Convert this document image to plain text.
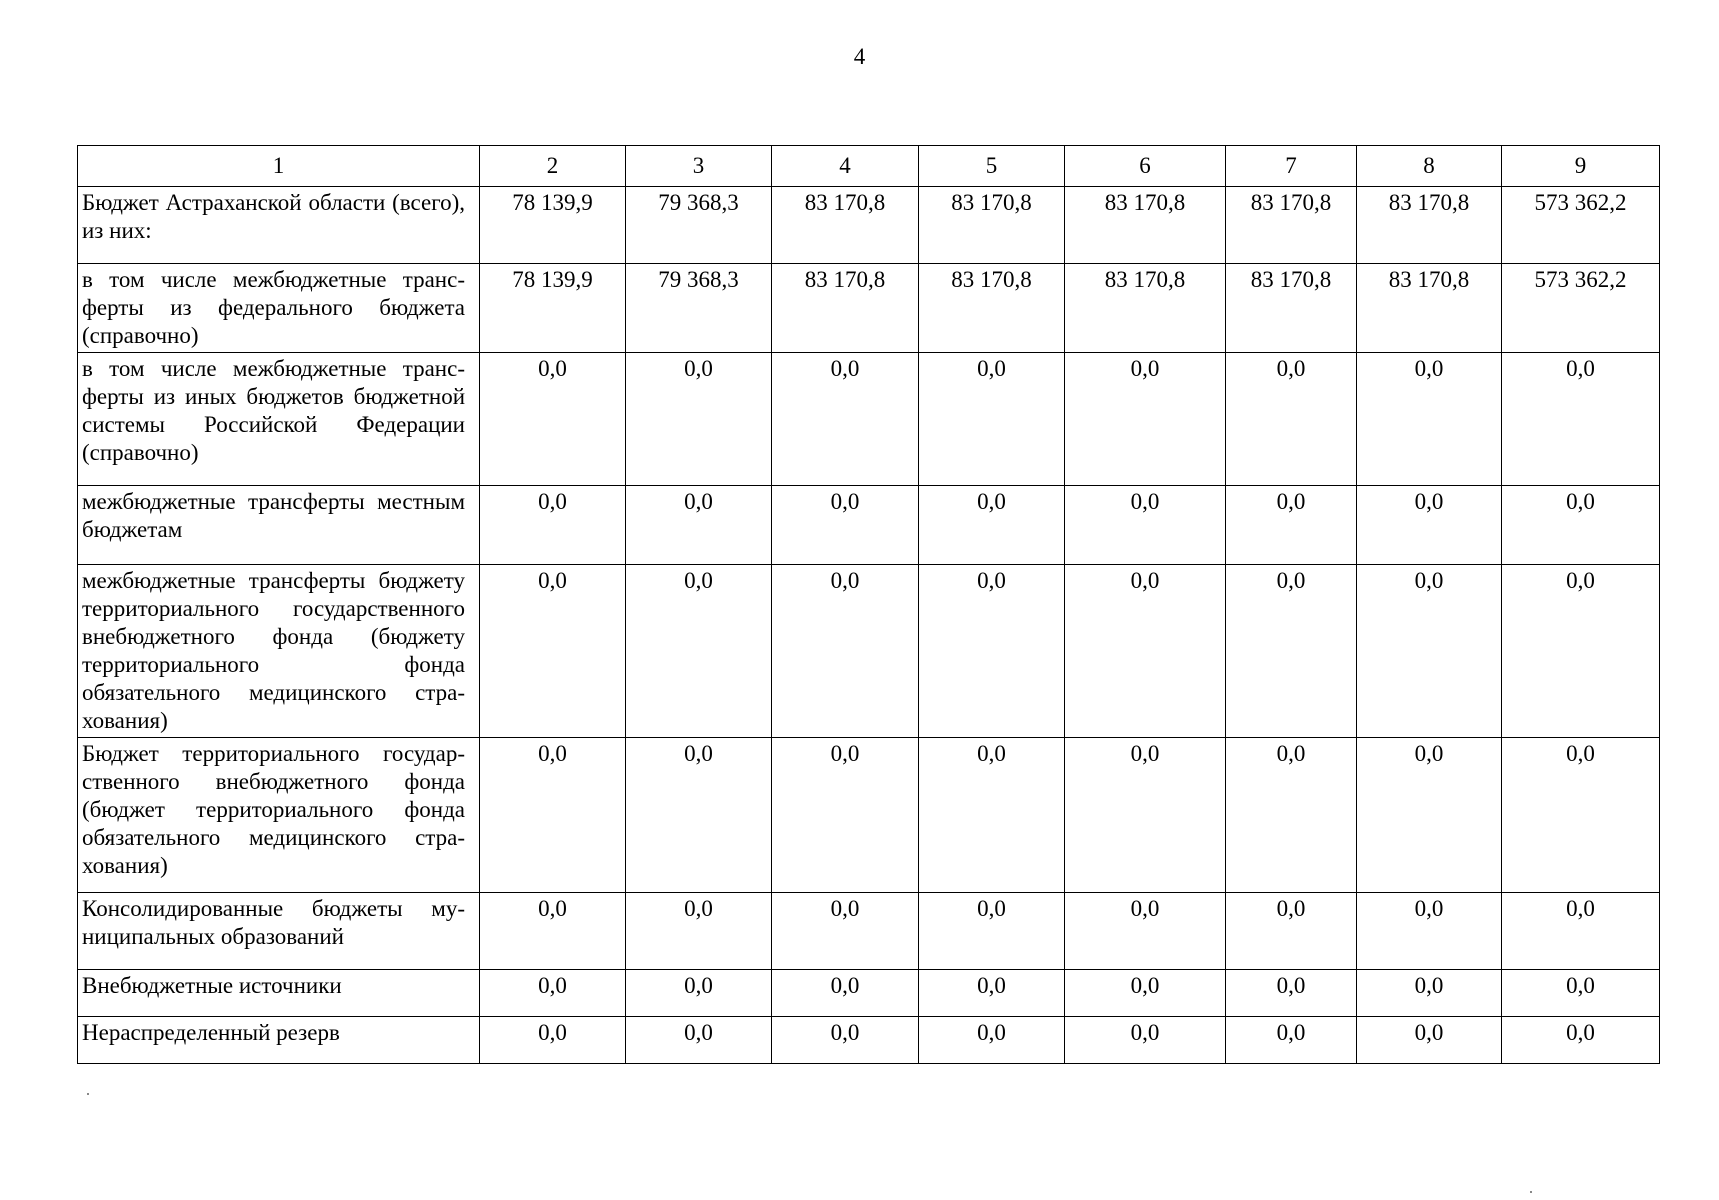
4
1	2	3	4	5	6	7	8	9
Бюджет Астраханской области (всего), из них:	78 139,9	79 368,3	83 170,8	83 170,8	83 170,8	83 170,8	83 170,8	573 362,2
в том числе межбюджетные трансферты из федерального бюджета (справочно)	78 139,9	79 368,3	83 170,8	83 170,8	83 170,8	83 170,8	83 170,8	573 362,2
в том числе межбюджетные трансферты из иных бюджетов бюджетной системы Российской Федерации (справочно)	0,0	0,0	0,0	0,0	0,0	0,0	0,0	0,0
межбюджетные трансферты местным бюджетам	0,0	0,0	0,0	0,0	0,0	0,0	0,0	0,0
межбюджетные трансферты бюджету территориального государственного внебюджетного фонда (бюджету территориального фонда обязательного медицинского страхования)	0,0	0,0	0,0	0,0	0,0	0,0	0,0	0,0
Бюджет территориального государственного внебюджетного фонда (бюджет территориального фонда обязательного медицинского страхования)	0,0	0,0	0,0	0,0	0,0	0,0	0,0	0,0
Консолидированные бюджеты муниципальных образований	0,0	0,0	0,0	0,0	0,0	0,0	0,0	0,0
Внебюджетные источники	0,0	0,0	0,0	0,0	0,0	0,0	0,0	0,0
Нераспределенный резерв	0,0	0,0	0,0	0,0	0,0	0,0	0,0	0,0
